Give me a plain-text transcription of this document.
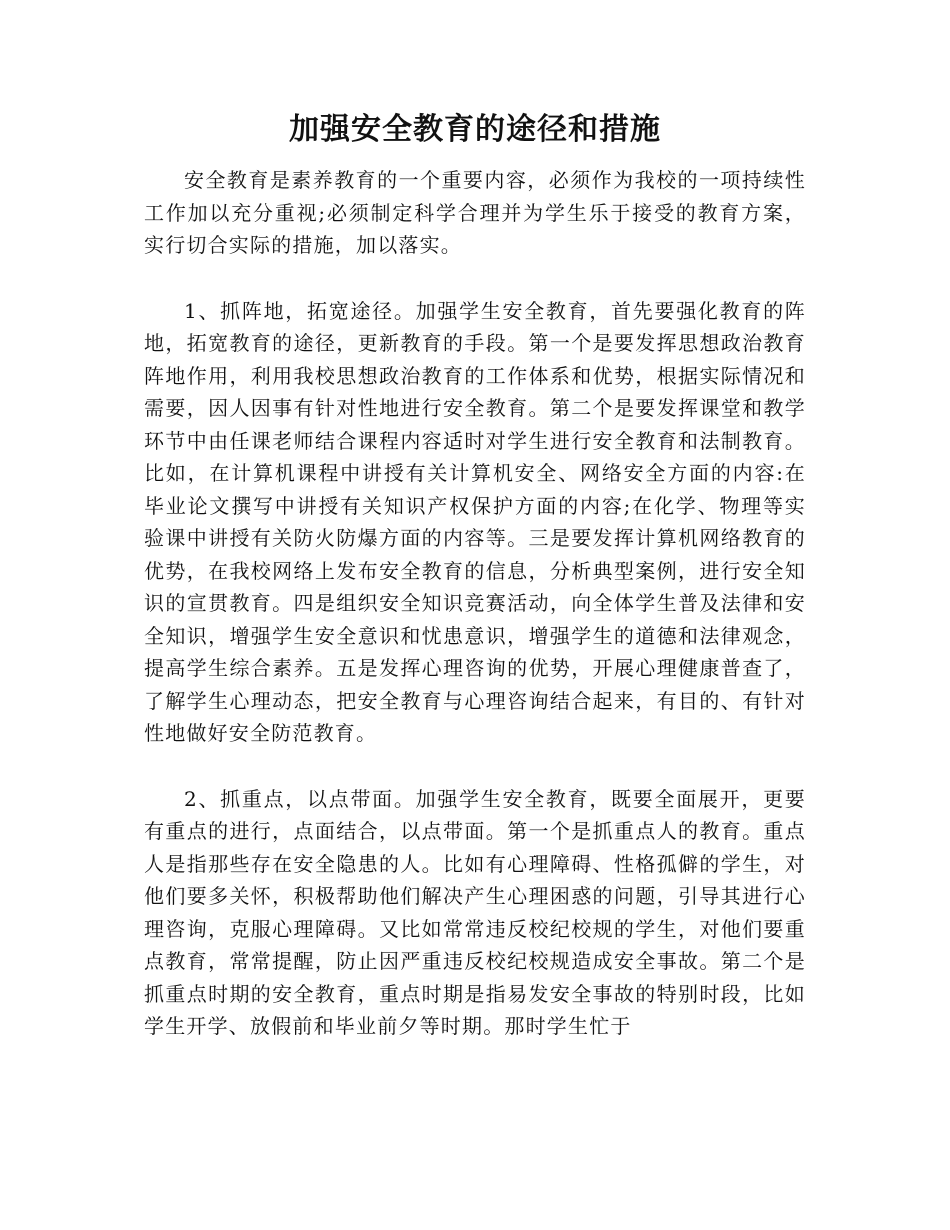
加强安全教育的途径和措施

安全教育是素养教育的一个重要内容，必须作为我校的一项持续性工作加以充分重视;必须制定科学合理并为学生乐于接受的教育方案，实行切合实际的措施，加以落实。

1、抓阵地，拓宽途径。加强学生安全教育，首先要强化教育的阵地，拓宽教育的途径，更新教育的手段。第一个是要发挥思想政治教育阵地作用，利用我校思想政治教育的工作体系和优势，根据实际情况和需要，因人因事有针对性地进行安全教育。第二个是要发挥课堂和教学环节中由任课老师结合课程内容适时对学生进行安全教育和法制教育。比如，在计算机课程中讲授有关计算机安全、网络安全方面的内容:在毕业论文撰写中讲授有关知识产权保护方面的内容;在化学、物理等实验课中讲授有关防火防爆方面的内容等。三是要发挥计算机网络教育的优势，在我校网络上发布安全教育的信息，分析典型案例，进行安全知识的宣贯教育。四是组织安全知识竞赛活动，向全体学生普及法律和安全知识，增强学生安全意识和忧患意识，增强学生的道德和法律观念，提高学生综合素养。五是发挥心理咨询的优势，开展心理健康普查了，了解学生心理动态，把安全教育与心理咨询结合起来，有目的、有针对性地做好安全防范教育。

2、抓重点，以点带面。加强学生安全教育，既要全面展开，更要有重点的进行，点面结合，以点带面。第一个是抓重点人的教育。重点人是指那些存在安全隐患的人。比如有心理障碍、性格孤僻的学生，对他们要多关怀，积极帮助他们解决产生心理困惑的问题，引导其进行心理咨询，克服心理障碍。又比如常常违反校纪校规的学生，对他们要重点教育，常常提醒，防止因严重违反校纪校规造成安全事故。第二个是抓重点时期的安全教育，重点时期是指易发安全事故的特别时段，比如学生开学、放假前和毕业前夕等时期。那时学生忙于
